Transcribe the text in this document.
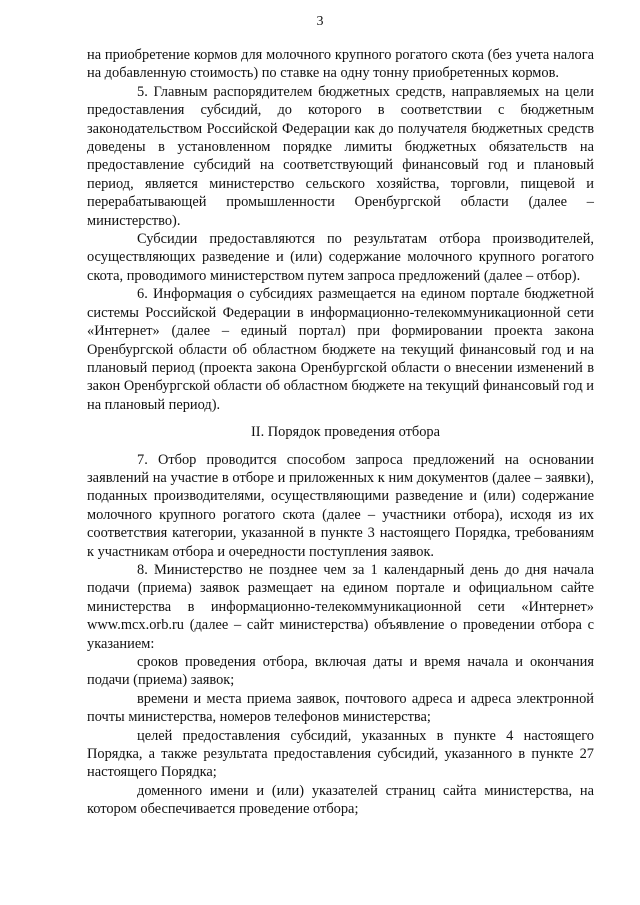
3

на приобретение кормов для молочного крупного рогатого скота (без учета налога на добавленную стоимость) по ставке на одну тонну приобретенных кормов.

5. Главным распорядителем бюджетных средств, направляемых на цели предоставления субсидий, до которого в соответствии с бюджетным законодательством Российской Федерации как до получателя бюджетных средств доведены в установленном порядке лимиты бюджетных обязательств на предоставление субсидий на соответствующий финансовый год и плановый период, является министерство сельского хозяйства, торговли, пищевой и перерабатывающей промышленности Оренбургской области (далее – министерство).

Субсидии предоставляются по результатам отбора производителей, осуществляющих разведение и (или) содержание молочного крупного рогатого скота, проводимого министерством путем запроса предложений (далее – отбор).

6. Информация о субсидиях размещается на едином портале бюджетной системы Российской Федерации в информационно-телекоммуникационной сети «Интернет» (далее – единый портал) при формировании проекта закона Оренбургской области об областном бюджете на текущий финансовый год и на плановый период (проекта закона Оренбургской области о внесении изменений в закон Оренбургской области об областном бюджете на текущий финансовый год и на плановый период).

II. Порядок проведения отбора

7. Отбор проводится способом запроса предложений на основании заявлений на участие в отборе и приложенных к ним документов (далее – заявки), поданных производителями, осуществляющими разведение и (или) содержание молочного крупного рогатого скота (далее – участники отбора), исходя из их соответствия категории, указанной в пункте 3 настоящего Порядка, требованиям к участникам отбора и очередности поступления заявок.

8. Министерство не позднее чем за 1 календарный день до дня начала подачи (приема) заявок размещает на едином портале и официальном сайте министерства в информационно-телекоммуникационной сети «Интернет» www.mcx.orb.ru (далее – сайт министерства) объявление о проведении отбора с указанием:

сроков проведения отбора, включая даты и время начала и окончания подачи (приема) заявок;

времени и места приема заявок, почтового адреса и адреса электронной почты министерства, номеров телефонов министерства;

целей предоставления субсидий, указанных в пункте 4 настоящего Порядка, а также результата предоставления субсидий, указанного в пункте 27 настоящего Порядка;

доменного имени и (или) указателей страниц сайта министерства, на котором обеспечивается проведение отбора;
